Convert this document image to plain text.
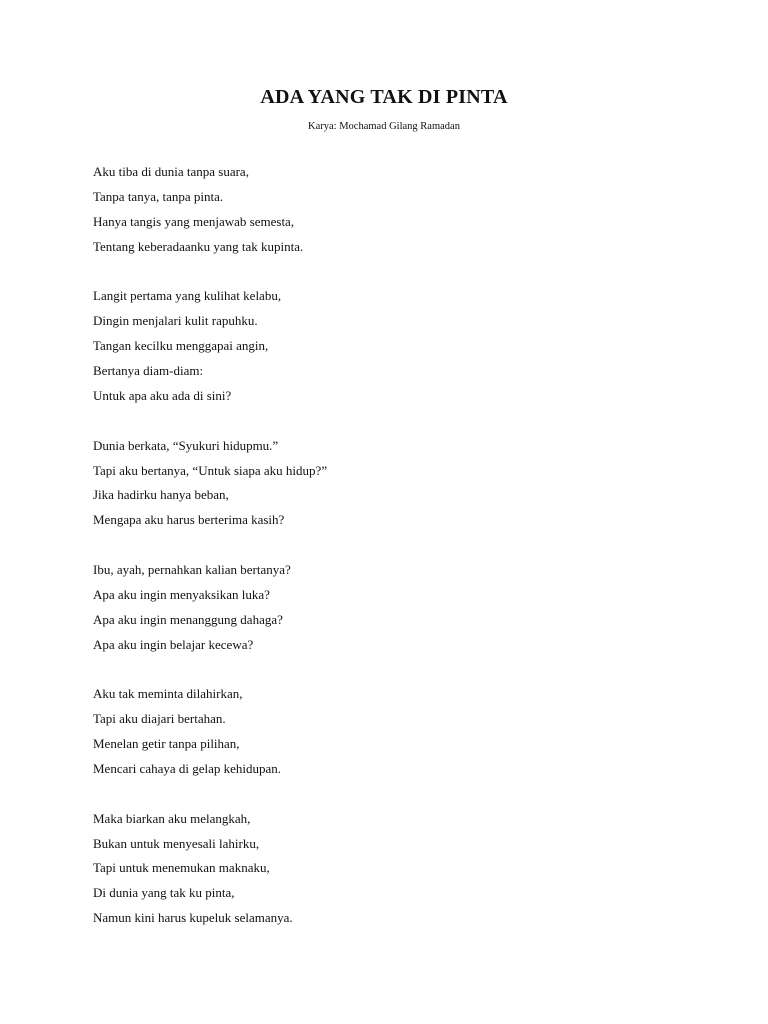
ADA YANG TAK DI PINTA

Karya: Mochamad Gilang Ramadan

Aku tiba di dunia tanpa suara,
Tanpa tanya, tanpa pinta.
Hanya tangis yang menjawab semesta,
Tentang keberadaanku yang tak kupinta.
Langit pertama yang kulihat kelabu,
Dingin menjalari kulit rapuhku.
Tangan kecilku menggapai angin,
Bertanya diam-diam:
Untuk apa aku ada di sini?
Dunia berkata, “Syukuri hidupmu.”
Tapi aku bertanya, “Untuk siapa aku hidup?”
Jika hadirku hanya beban,
Mengapa aku harus berterima kasih?
Ibu, ayah, pernahkan kalian bertanya?
Apa aku ingin menyaksikan luka?
Apa aku ingin menanggung dahaga?
Apa aku ingin belajar kecewa?
Aku tak meminta dilahirkan,
Tapi aku diajari bertahan.
Menelan getir tanpa pilihan,
Mencari cahaya di gelap kehidupan.
Maka biarkan aku melangkah,
Bukan untuk menyesali lahirku,
Tapi untuk menemukan maknaku,
Di dunia yang tak ku pinta,
Namun kini harus kupeluk selamanya.
